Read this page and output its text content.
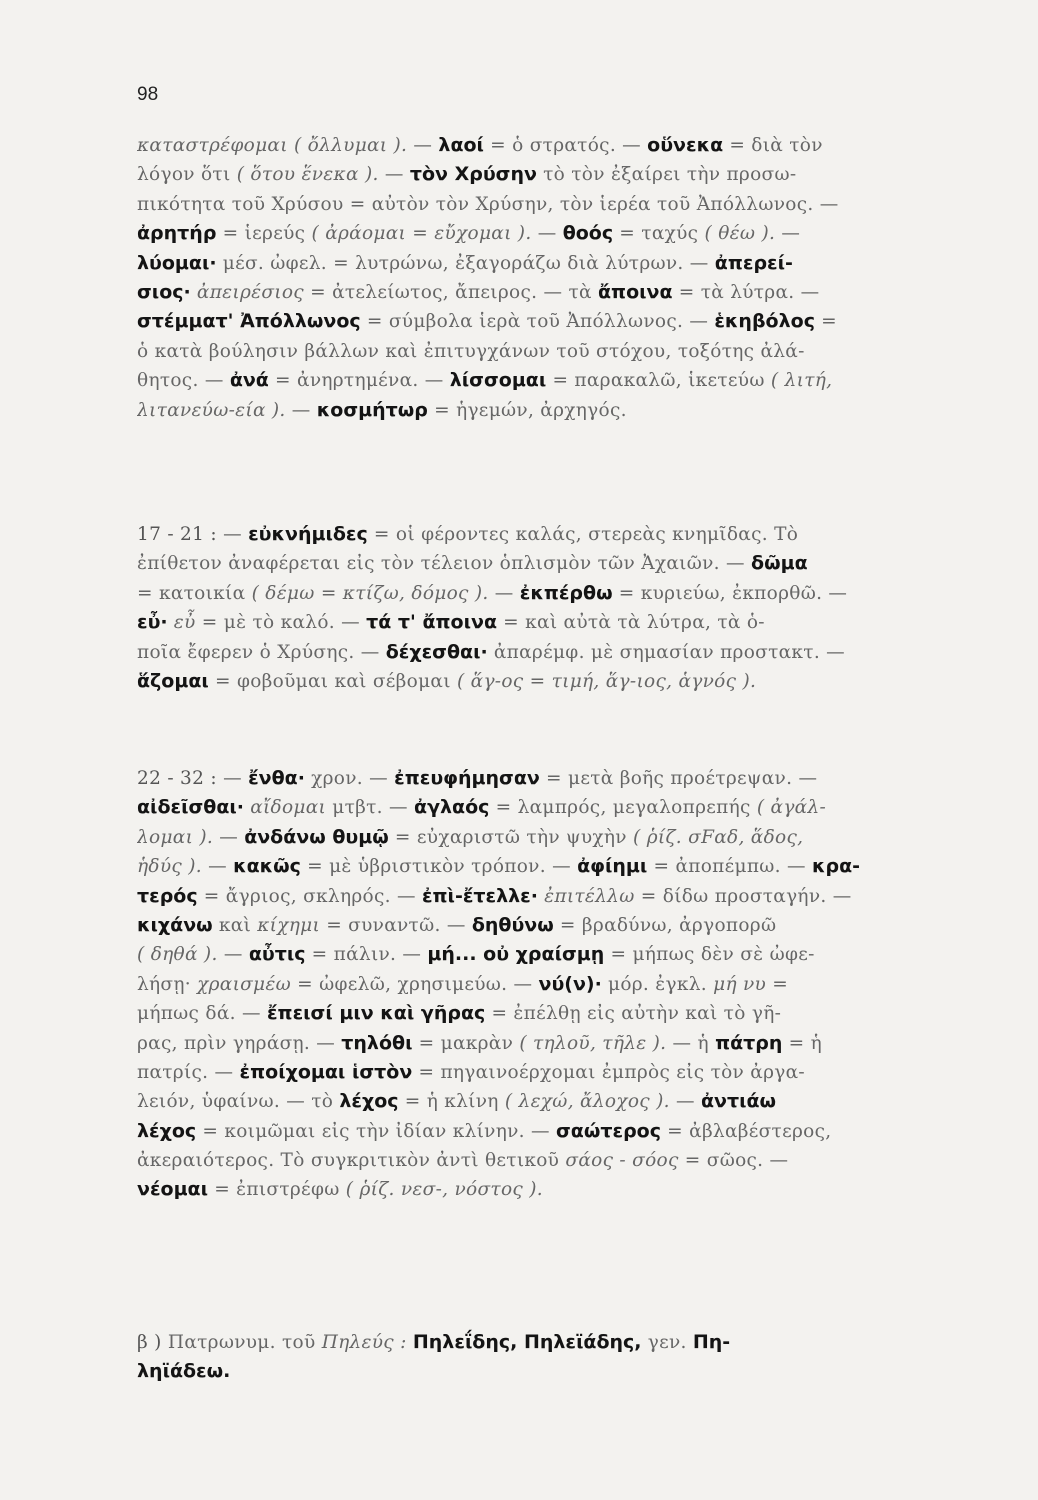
98
καταστρέφομαι ( ὄλλυμαι ). — λαοί = ὁ στρατός. — οὕνεκα = διὰ τὸν
λόγον ὅτι ( ὅτου ἕνεκα ). — τὸν Χρύσην τὸ τὸν ἐξαίρει τὴν προσω-
πικότητα τοῦ Χρύσου = αὐτὸν τὸν Χρύσην, τὸν ἱερέα τοῦ Ἀπόλλωνος. —
ἀρητήρ = ἱερεύς ( ἀράομαι = εὔχομαι ). — θοός = ταχύς ( θέω ). —
λύομαι· μέσ. ὠφελ. = λυτρώνω, ἐξαγοράζω διὰ λύτρων. — ἀπερεί-
σιος· ἀπειρέσιος = ἀτελείωτος, ἄπειρος. — τὰ ἄποινα = τὰ λύτρα. —
στέμματ' Ἀπόλλωνος = σύμβολα ἱερὰ τοῦ Ἀπόλλωνος. — ἑκηβόλος =
ὁ κατὰ βούλησιν βάλλων καὶ ἐπιτυγχάνων τοῦ στόχου, τοξότης ἀλά-
θητος. — ἀνά = ἀνηρτημένα. — λίσσομαι = παρακαλῶ, ἱκετεύω ( λιτή,
λιτανεύω-εία ). — κοσμήτωρ = ἡγεμών, ἀρχηγός.
17 - 21 : — εὐκνήμιδες = οἱ φέροντες καλάς, στερεὰς κνημῖδας. Τὸ
ἐπίθετον ἀναφέρεται εἰς τὸν τέλειον ὁπλισμὸν τῶν Ἀχαιῶν. — δῶμα
= κατοικία ( δέμω = κτίζω, δόμος ). — ἐκπέρθω = κυριεύω, ἐκπορθῶ. —
εὖ· εὖ = μὲ τὸ καλό. — τά τ' ἄποινα = καὶ αὐτὰ τὰ λύτρα, τὰ ὁ-
ποῖα ἔφερεν ὁ Χρύσης. — δέχεσθαι· ἀπαρέμφ. μὲ σημασίαν προστακτ. —
ἅζομαι = φοβοῦμαι καὶ σέβομαι ( ἅγ-ος = τιμή, ἅγ-ιος, ἁγνός ).
22 - 32 : — ἔνθα· χρον. — ἐπευφήμησαν = μετὰ βοῆς προέτρεψαν. —
αἰδεῖσθαι· αἴδομαι μτβτ. — ἀγλαός = λαμπρός, μεγαλοπρεπής ( ἀγάλ-
λομαι ). — ἀνδάνω θυμῷ = εὐχαριστῶ τὴν ψυχὴν ( ῥίζ. σFαδ, ἅδος,
ἡδύς ). — κακῶς = μὲ ὑβριστικὸν τρόπον. — ἀφίημι = ἀποπέμπω. — κρα-
τερός = ἄγριος, σκληρός. — ἐπὶ-ἔτελλε· ἐπιτέλλω = δίδω προσταγήν. —
κιχάνω καὶ κίχημι = συναντῶ. — δηθύνω = βραδύνω, ἀργοπορῶ
( δηθά ). — αὖτις = πάλιν. — μή... οὐ χραίσμῃ = μήπως δὲν σὲ ὠφε-
λήσῃ· χραισμέω = ὠφελῶ, χρησιμεύω. — νύ(ν)· μόρ. ἐγκλ. μή νυ =
μήπως δά. — ἔπεισί μιν καὶ γῆρας = ἐπέλθῃ εἰς αὐτὴν καὶ τὸ γῆ-
ρας, πρὶν γηράσῃ. — τηλόθι = μακρὰν ( τηλοῦ, τῆλε ). — ἡ πάτρη = ἡ
πατρίς. — ἐποίχομαι ἱστὸν = πηγαινοέρχομαι ἐμπρὸς εἰς τὸν ἀργα-
λειόν, ὑφαίνω. — τὸ λέχος = ἡ κλίνη ( λεχώ, ἄλοχος ). — ἀντιάω
λέχος = κοιμῶμαι εἰς τὴν ἰδίαν κλίνην. — σαώτερος = ἀβλαβέστερος,
ἀκεραιότερος. Τὸ συγκριτικὸν ἀντὶ θετικοῦ σάος - σόος = σῶος. —
νέομαι = ἐπιστρέφω ( ῥίζ. νεσ-, νόστος ).
β ) Πατρωνυμ. τοῦ Πηλεύς : Πηλεΐδης, Πηλεϊάδης, γεν. Πη-
ληϊάδεω.
